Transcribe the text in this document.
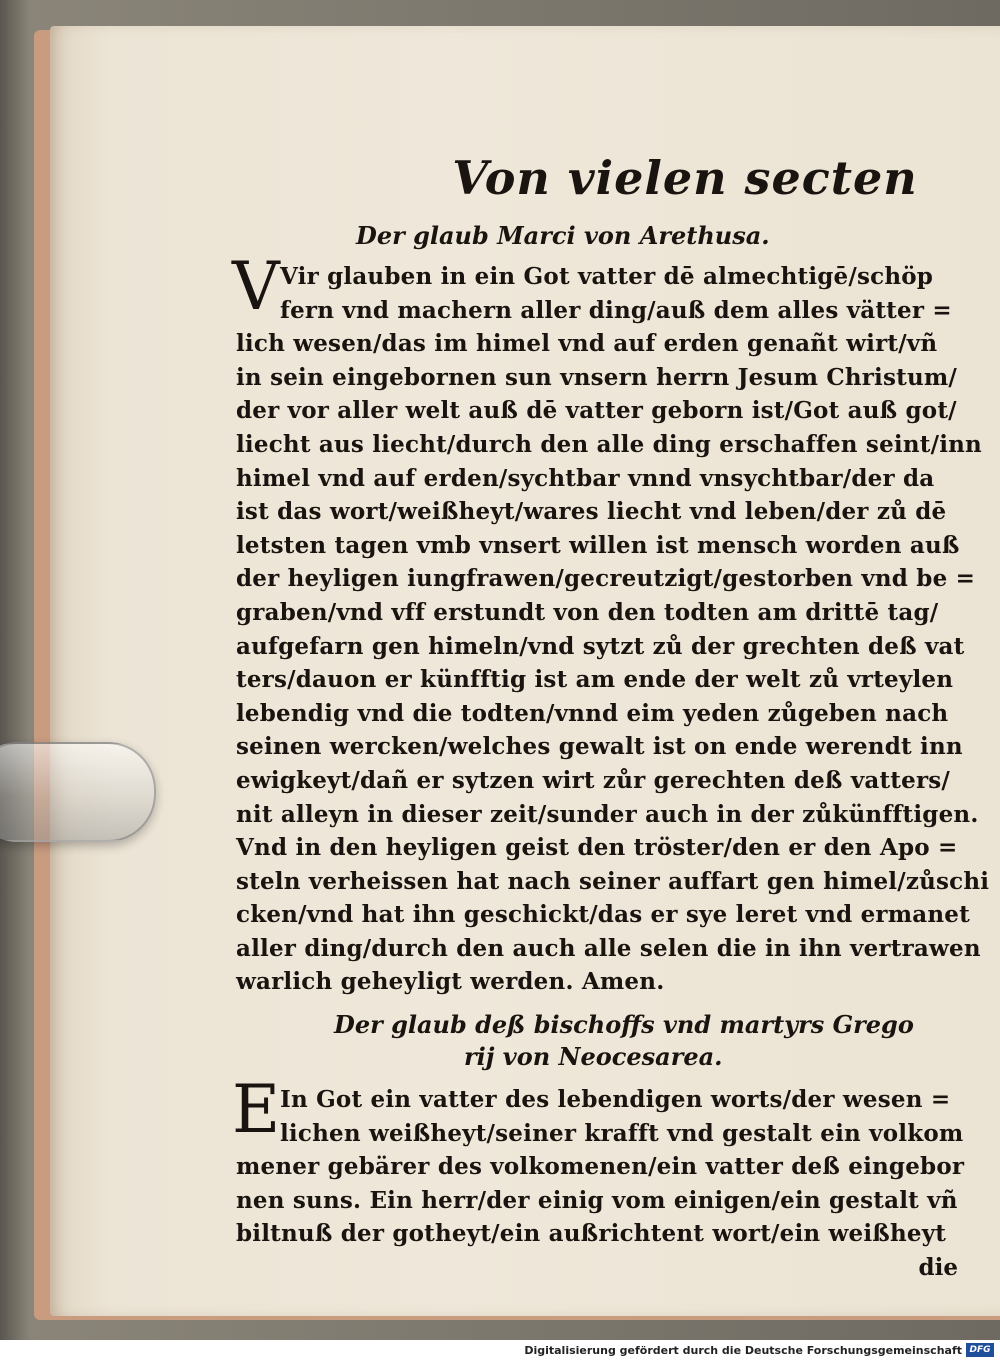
Von vielen secten
Der glaub Marci von Arethusa.
V Vir glauben in ein Got vatter dē almechtigē/schöp
fern vnd machern aller ding/auß dem alles vätter =
lich wesen/das im himel vnd auf erden genañt wirt/vñ
in sein eingebornen sun vnsern herrn Jesum Christum/
der vor aller welt auß dē vatter geborn ist/Got auß got/
liecht aus liecht/durch den alle ding erschaffen seint/inn
himel vnd auf erden/sychtbar vnnd vnsychtbar/der da
ist das wort/weißheyt/wares liecht vnd leben/der zů dē
letsten tagen vmb vnsert willen ist mensch worden auß
der heyligen iungfrawen/gecreutzigt/gestorben vnd be =
graben/vnd vff erstundt von den todten am drittē tag/
aufgefarn gen himeln/vnd sytzt zů der grechten deß vat
ters/dauon er künfftig ist am ende der welt zů vrteylen
lebendig vnd die todten/vnnd eim yeden zůgeben nach
seinen wercken/welches gewalt ist on ende werendt inn
ewigkeyt/dañ er sytzen wirt zůr gerechten deß vatters/
nit alleyn in dieser zeit/sunder auch in der zůkünfftigen.
Vnd in den heyligen geist den tröster/den er den Apo =
steln verheissen hat nach seiner auffart gen himel/zůschi
cken/vnd hat ihn geschickt/das er sye leret vnd ermanet
aller ding/durch den auch alle selen die in ihn vertrawen
warlich geheyligt werden. Amen.
Der glaub deß bischoffs vnd martyrs Grego
rij von Neocesarea.
E In Got ein vatter des lebendigen worts/der wesen =
lichen weißheyt/seiner krafft vnd gestalt ein volkom
mener gebärer des volkomenen/ein vatter deß eingebor
nen suns. Ein herr/der einig vom einigen/ein gestalt vñ
biltnuß der gotheyt/ein außrichtent wort/ein weißheyt
die
Digitalisierung gefördert durch die Deutsche Forschungsgemeinschaft DFG
